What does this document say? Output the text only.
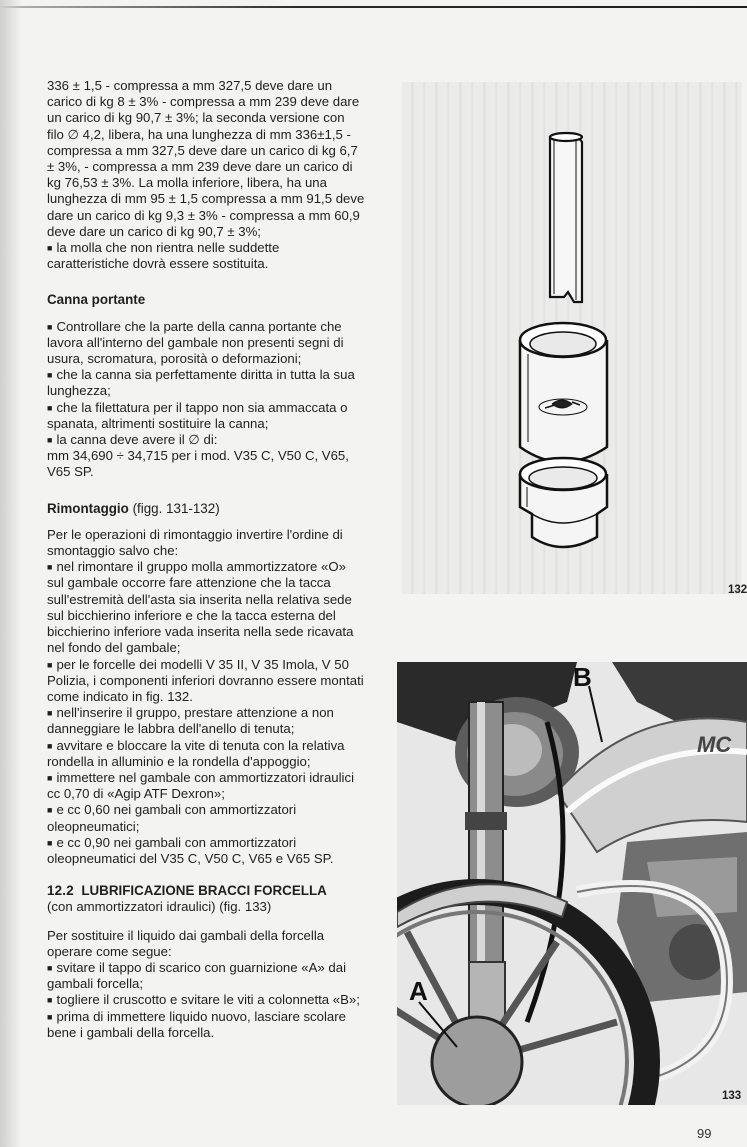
336 ± 1,5 - compressa a mm 327,5 deve dare un carico di kg 8 ± 3% - compressa a mm 239 deve dare un carico di kg 90,7 ± 3%; la seconda versione con filo ∅ 4,2, libera, ha una lunghezza di mm 336±1,5 - compressa a mm 327,5 deve dare un carico di kg 6,7 ± 3%, - compressa a mm 239 deve dare un carico di kg 76,53 ± 3%. La molla inferiore, libera, ha una lunghezza di mm 95 ± 1,5 compressa a mm 91,5 deve dare un carico di kg 9,3 ± 3% - compressa a mm 60,9 deve dare un carico di kg 90,7 ± 3%;

■ la molla che non rientra nelle suddette caratteristiche dovrà essere sostituita.

Canna portante

■ Controllare che la parte della canna portante che lavora all'interno del gambale non presenti segni di usura, scromatura, porosità o deformazioni;

■ che la canna sia perfettamente diritta in tutta la sua lunghezza;

■ che la filettatura per il tappo non sia ammaccata o spanata, altrimenti sostituire la canna;

■ la canna deve avere il ∅ di:

mm 34,690 ÷ 34,715 per i mod. V35 C, V50 C, V65, V65 SP.

Rimontaggio (figg. 131-132)

Per le operazioni di rimontaggio invertire l'ordine di smontaggio salvo che:

■ nel rimontare il gruppo molla ammortizzatore «O» sul gambale occorre fare attenzione che la tacca sull'estremità dell'asta sia inserita nella relativa sede sul bicchierino inferiore e che la tacca esterna del bicchierino inferiore vada inserita nella sede ricavata nel fondo del gambale;

■ per le forcelle dei modelli V 35 II, V 35 Imola, V 50 Polizia, i componenti inferiori dovranno essere montati come indicato in fig. 132.

■ nell'inserire il gruppo, prestare attenzione a non danneggiare le labbra dell'anello di tenuta;

■ avvitare e bloccare la vite di tenuta con la relativa rondella in alluminio e la rondella d'appoggio;

■ immettere nel gambale con ammortizzatori idraulici cc 0,70 di «Agip ATF Dexron»;

■ e cc 0,60 nei gambali con ammortizzatori oleopneumatici;

■ e cc 0,90 nei gambali con ammortizzatori oleopneumatici del V35 C, V50 C, V65 e V65 SP.

12.2 LUBRIFICAZIONE BRACCI FORCELLA

(con ammortizzatori idraulici) (fig. 133)

Per sostituire il liquido dai gambali della forcella operare come segue:

■ svitare il tappo di scarico con guarnizione «A» dai gambali forcella;

■ togliere il cruscotto e svitare le viti a colonnetta «B»;

■ prima di immettere liquido nuovo, lasciare scolare bene i gambali della forcella.

132
MC
A
B
133
99
